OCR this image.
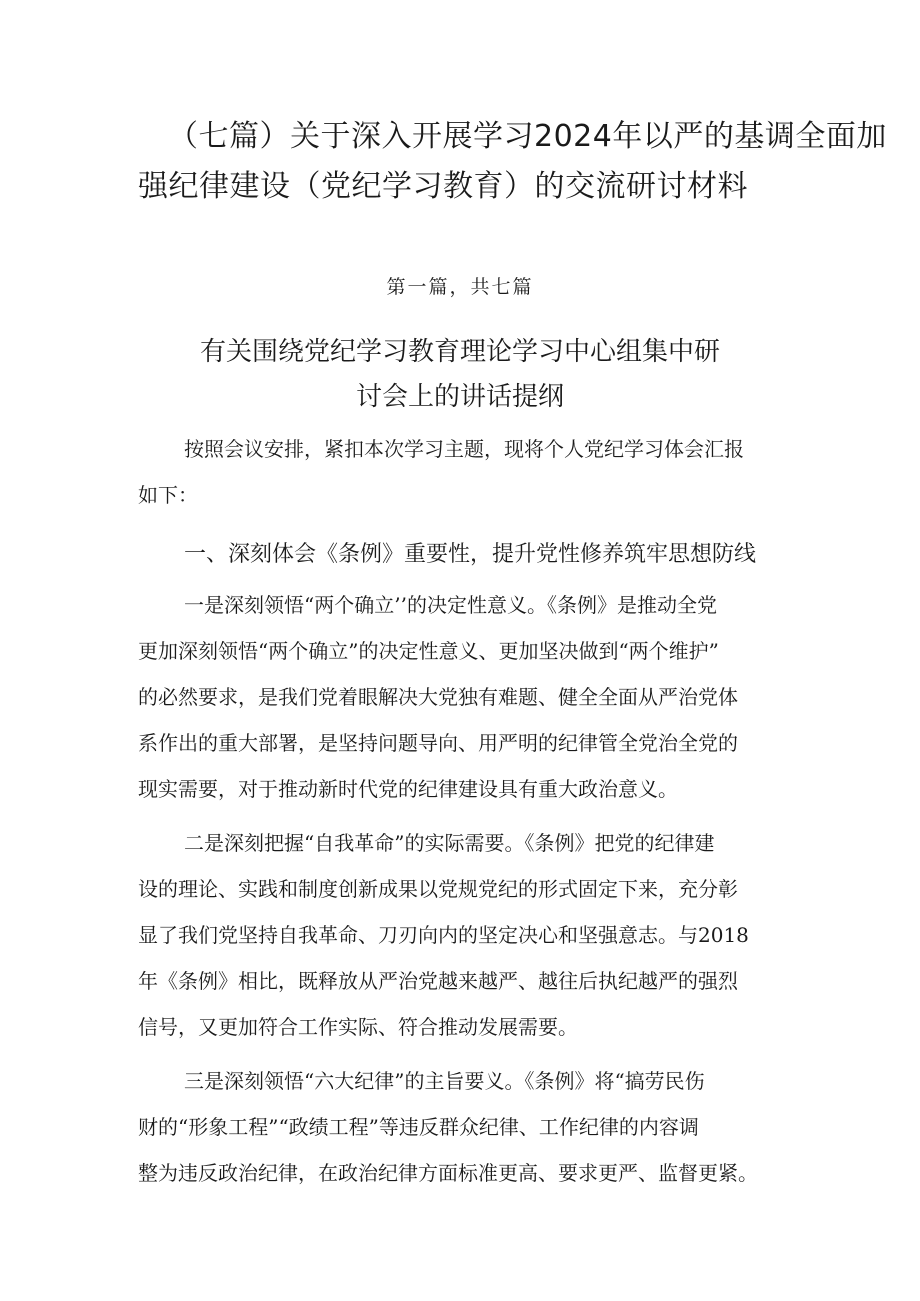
（七篇）关于深入开展学习2024年以严的基调全面加
强纪律建设（党纪学习教育）的交流研讨材料
第一篇，共七篇
有关围绕党纪学习教育理论学习中心组集中研
讨会上的讲话提纲
按照会议安排，紧扣本次学习主题，现将个人党纪学习体会汇报
如下：
一、深刻体会《条例》重要性，提升党性修养筑牢思想防线
一是深刻领悟“两个确立’’的决定性意义。《条例》是推动全党
更加深刻领悟“两个确立”的决定性意义、更加坚决做到“两个维护”
的必然要求，是我们党着眼解决大党独有难题、健全全面从严治党体
系作出的重大部署，是坚持问题导向、用严明的纪律管全党治全党的
现实需要，对于推动新时代党的纪律建设具有重大政治意义。
二是深刻把握“自我革命”的实际需要。《条例》把党的纪律建
设的理论、实践和制度创新成果以党规党纪的形式固定下来，充分彰
显了我们党坚持自我革命、刀刃向内的坚定决心和坚强意志。与2018
年《条例》相比，既释放从严治党越来越严、越往后执纪越严的强烈
信号，又更加符合工作实际、符合推动发展需要。
三是深刻领悟“六大纪律”的主旨要义。《条例》将“搞劳民伤
财的“形象工程”“政绩工程”等违反群众纪律、工作纪律的内容调
整为违反政治纪律，在政治纪律方面标准更高、要求更严、监督更紧。
